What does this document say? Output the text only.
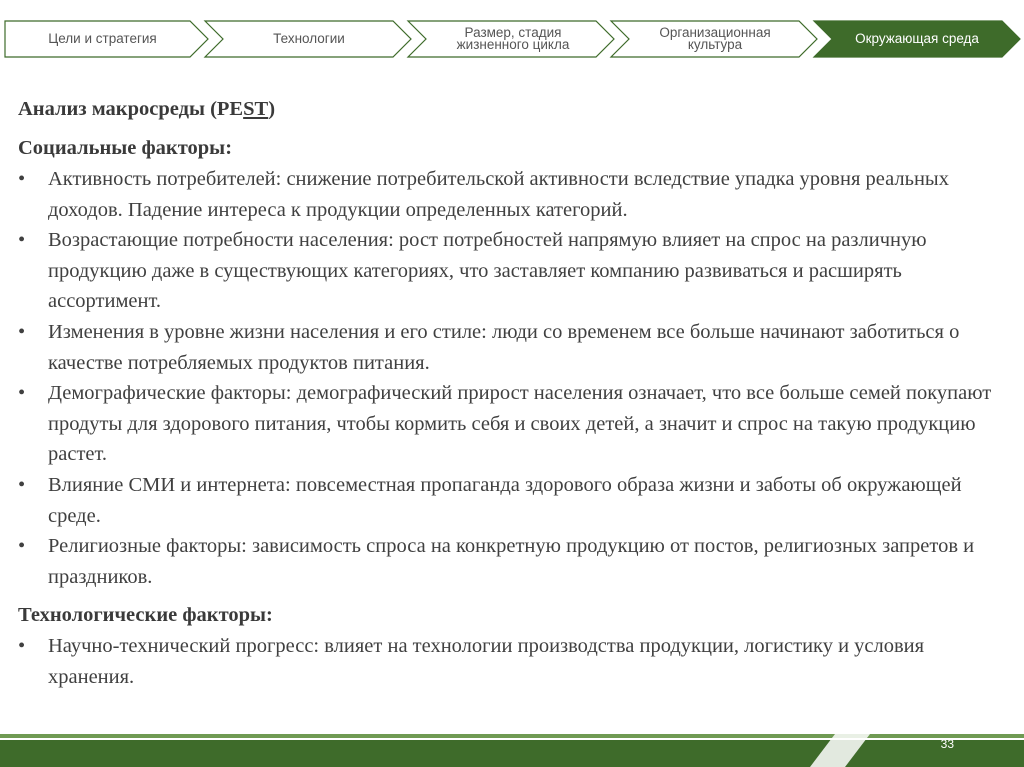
Цели и стратегия	Технологии	Размер, стадия жизненного цикла
Организационная культура	Окружающая среда
Анализ макросреды (PEST)
Социальные факторы:
•	Активность потребителей: снижение потребительской активности вследствие упадка уровня реальных доходов. Падение интереса к продукции определенных категорий.
•	Возрастающие потребности населения: рост потребностей напрямую влияет на спрос на различную продукцию даже в существующих категориях, что заставляет компанию развиваться и расширять ассортимент.
•	Изменения в уровне жизни населения и его стиле: люди со временем все больше начинают заботиться о качестве потребляемых продуктов питания.
•	Демографические факторы: демографический прирост населения означает, что все больше семей покупают продуты для здорового питания, чтобы кормить себя и своих детей, а значит и спрос на такую продукцию растет.
•	Влияние СМИ и интернета: повсеместная пропаганда здорового образа жизни и заботы об окружающей среде.
•	Религиозные факторы: зависимость спроса на конкретную продукцию от постов, религиозных запретов и праздников.
Технологические факторы:
•	Научно-технический прогресс: влияет на технологии производства продукции, логистику и условия хранения.
33
